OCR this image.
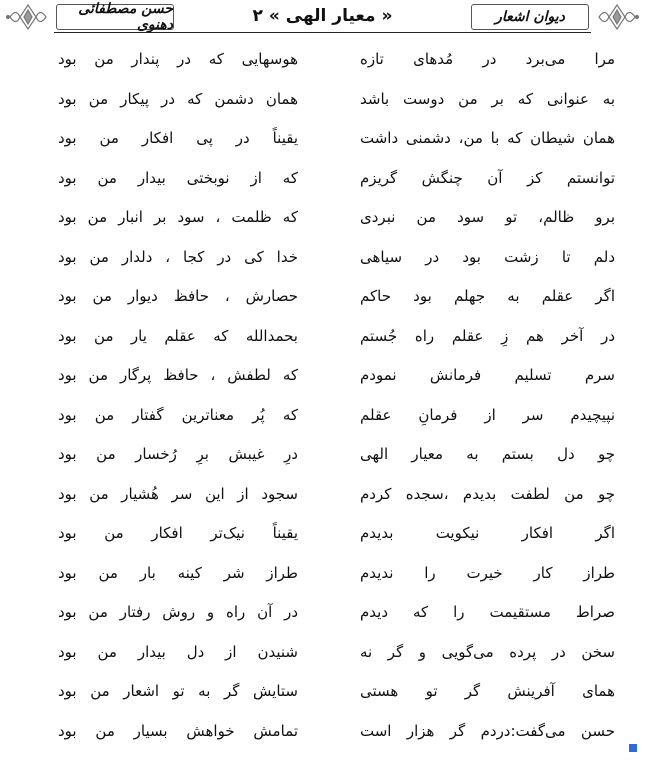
حسن مصطفائی دهنوی	« معیار الهی » ۲	دیوان اشعار
مرا می‌برد در مُدهای تازه
هوسهایی که در پندار من بود
به عنوانی که بر من دوست باشد
همان دشمن که در پیکار من بود
همان شیطان که با من، دشمنی داشت
یقیناً در پی افکار من بود
توانستم کز آن چنگش گریزم
که از نوبختی بیدار من بود
برو ظالم، تو سود من نبردی
که ظلمت ، سود بر انبار من بود
دلم تا زشت بود در سیاهی
خدا کی در کجا ، دلدار من بود
اگر عقلم به جهلم بود حاکم
حصارش ، حافظ دیوار من بود
در آخر هم زِ عقلم راه جُستم
بحمدالله که عقلم یار من بود
سرم تسلیم فرمانش نمودم
که لطفش ، حافظ پرگار من بود
نپیچیدم سر از فرمانِ عقلم
که پُر معناترین گفتار من بود
چو دل بستم به معیار الهی
درِ غیبش برِ رُخسار من بود
چو من لطفت بدیدم ،سجده کردم
سجود از این سر هُشیار من بود
اگر افکار نیکویت بدیدم
یقیناً نیک‌تر افکار من بود
طراز کار خیرت را ندیدم
طراز شر کینه بار من بود
صراط مستقیمت را که دیدم
در آن راه و روش رفتار من بود
سخن در پرده می‌گویی و گر نه
شنیدن از دل بیدار من بود
همای آفرینش گر تو هستی
ستایش گر به تو اشعار من بود
حسن می‌گفت:دردم گر هزار است
تمامش خواهش بسیار من بود
